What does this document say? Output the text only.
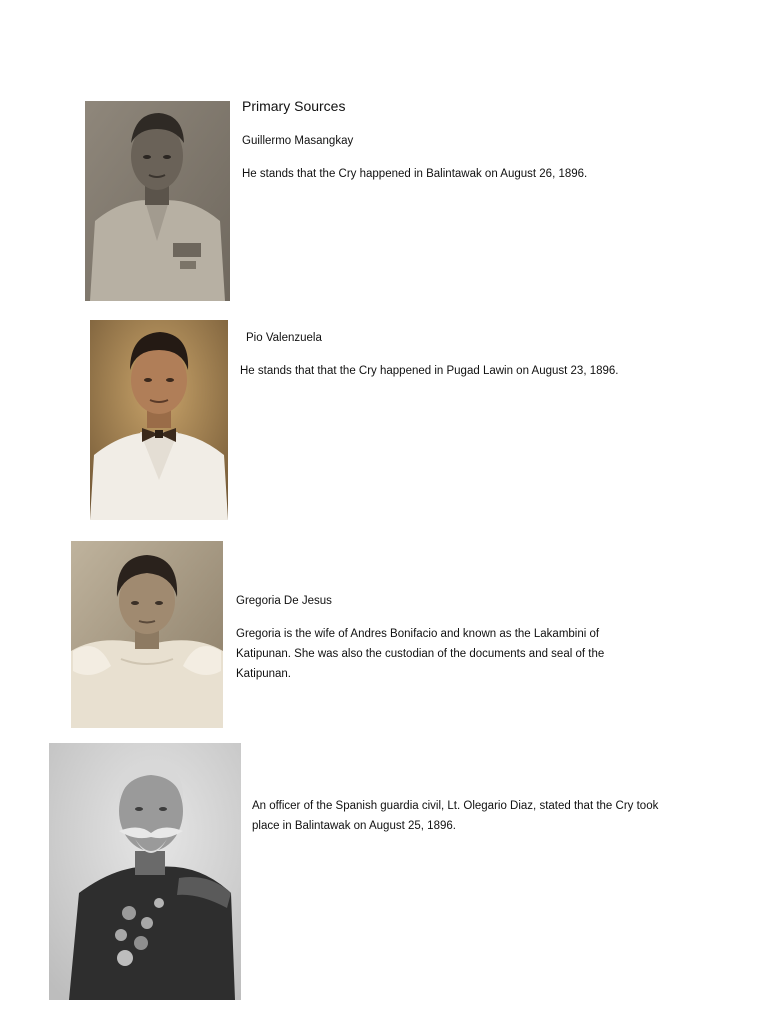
Primary Sources
Guillermo Masangkay
He stands that the Cry happened in Balintawak on August 26, 1896.
Pio Valenzuela
He stands that that the Cry happened in Pugad Lawin on August 23, 1896.
Gregoria De Jesus
Gregoria is the wife of Andres Bonifacio and known as the Lakambini of Katipunan. She was also the custodian of the documents and seal of the Katipunan.
An officer of the Spanish guardia civil, Lt. Olegario Diaz, stated that the Cry took place in Balintawak on August 25, 1896.
